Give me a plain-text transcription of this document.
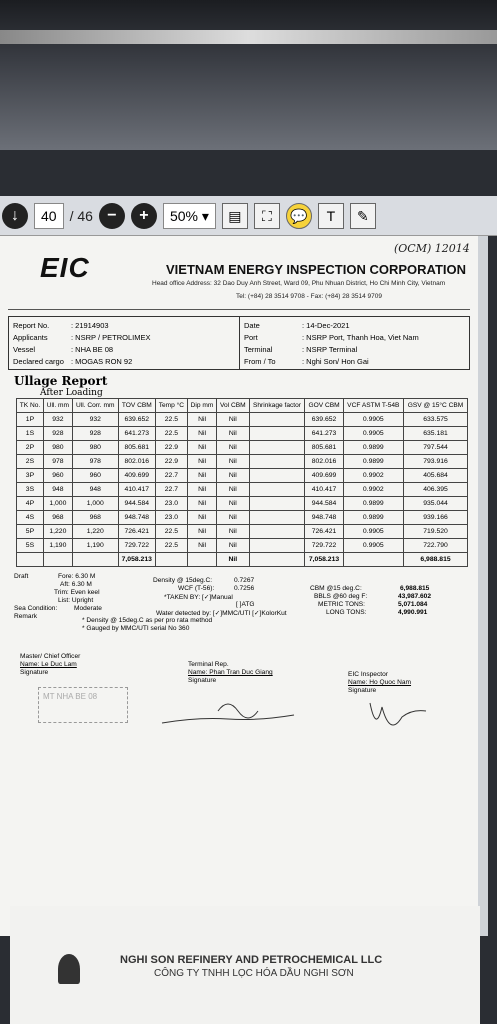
↓	40 / 46 −	+	50% ▾	▤	⛶	💬	T	✎
EIC
(OCM) 12014
VIETNAM ENERGY INSPECTION CORPORATION
Head office Address: 32 Dao Duy Anh Street, Ward 09, Phu Nhuan District, Ho Chi Minh City, Vietnam
Tel: (+84) 28 3514 9708 - Fax: (+84) 28 3514 9709
Report No.	: 21914903
Applicants	: NSRP / PETROLIMEX
Vessel	: NHA BE 08
Declared cargo : MOGAS RON 92
Date	: 14-Dec-2021
Port	: NSRP Port, Thanh Hoa, Viet Nam
Terminal	: NSRP Terminal
From / To	: Nghi Son/ Hon Gai
Ullage Report
After Loading
TK No.	Ull. mm	Ull. Corr. mm	TOV CBM	Temp °C	Dip mm	Vol CBM	Shrinkage factor	GOV CBM	VCF ASTM T-54B	GSV @ 15°C CBM
1P	932	932	639.652	22.5	Nil	Nil		639.652	0.9905	633.575
1S	928	928	641.273	22.5	Nil	Nil		641.273	0.9905	635.181
2P	980	980	805.681	22.9	Nil	Nil		805.681	0.9899	797.544
2S	978	978	802.016	22.9	Nil	Nil		802.016	0.9899	793.916
3P	960	960	409.699	22.7	Nil	Nil		409.699	0.9902	405.684
3S	948	948	410.417	22.7	Nil	Nil		410.417	0.9902	406.395
4P	1,000	1,000	944.584	23.0	Nil	Nil		944.584	0.9899	935.044
4S	968	968	948.748	23.0	Nil	Nil		948.748	0.9899	939.166
5P	1,220	1,220	726.421	22.5	Nil	Nil		726.421	0.9905	719.520
5S	1,190	1,190	729.722	22.5	Nil	Nil		729.722	0.9905	722.790
			7,058.213			Nil		7,058.213		6,988.815
Draft	Fore: 6.30 M
Aft: 6.30 M
Trim: Even keel
List: Upright
Sea Condition:	Moderate
Remark
Density @ 15deg.C:	0.7267
WCF (T-56):	0.7256
*TAKEN BY: [✓]Manual
[ ]ATG
Water detected by: [✓]MMC/UTI [✓]KolorKut
* Density @ 15deg.C as per pro rata method
* Gauged by MMC/UTI serial No 360
CBM @15 deg.C:	6,988.815
BBLS @60 deg F:	43,987.602
METRIC TONS:	5,071.084
LONG TONS:	4,990.991
Master/ Chief Officer
Name: Le Duc Lam
Signature
Terminal Rep.
Name: Phan Tran Duc Giang
Signature
EIC Inspector
Name: Ho Quoc Nam
Signature
MT NHA BE 08
NGHI SON REFINERY AND PETROCHEMICAL LLC
CÔNG TY TNHH LỌC HÓA DẦU NGHI SƠN
